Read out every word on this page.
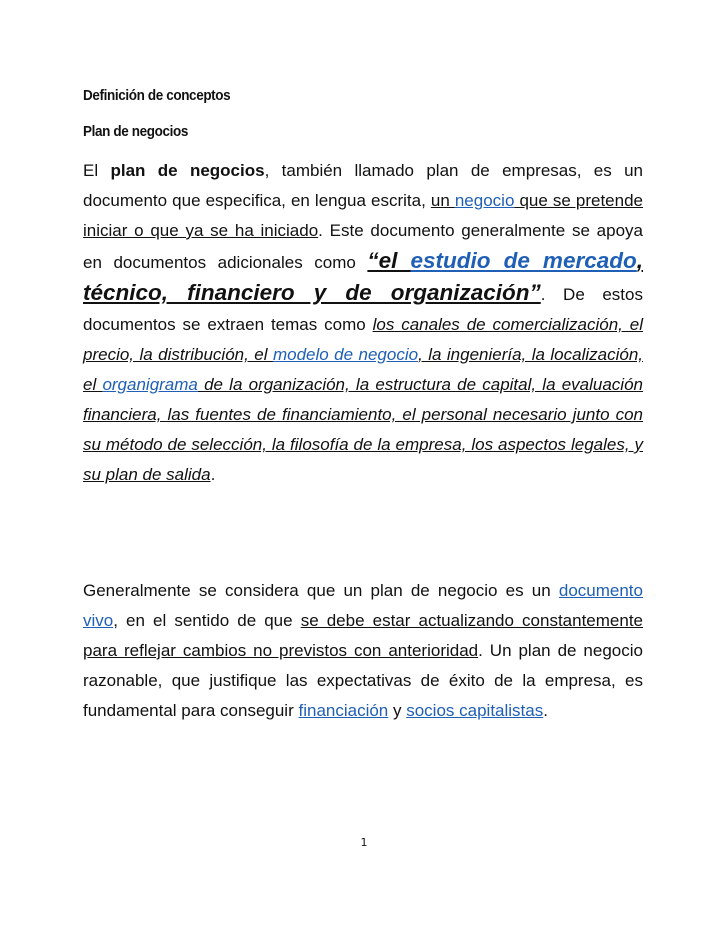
Definición de conceptos
Plan de negocios
El plan de negocios, también llamado plan de empresas, es un documento que especifica, en lengua escrita, un negocio que se pretende iniciar o que ya se ha iniciado. Este documento generalmente se apoya en documentos adicionales como “el estudio de mercado, técnico, financiero y de organización”. De estos documentos se extraen temas como los canales de comercialización, el precio, la distribución, el modelo de negocio, la ingeniería, la localización, el organigrama de la organización, la estructura de capital, la evaluación financiera, las fuentes de financiamiento, el personal necesario junto con su método de selección, la filosofía de la empresa, los aspectos legales, y su plan de salida.
Generalmente se considera que un plan de negocio es un documento vivo, en el sentido de que se debe estar actualizando constantemente para reflejar cambios no previstos con anterioridad. Un plan de negocio razonable, que justifique las expectativas de éxito de la empresa, es fundamental para conseguir financiación y socios capitalistas.
1
